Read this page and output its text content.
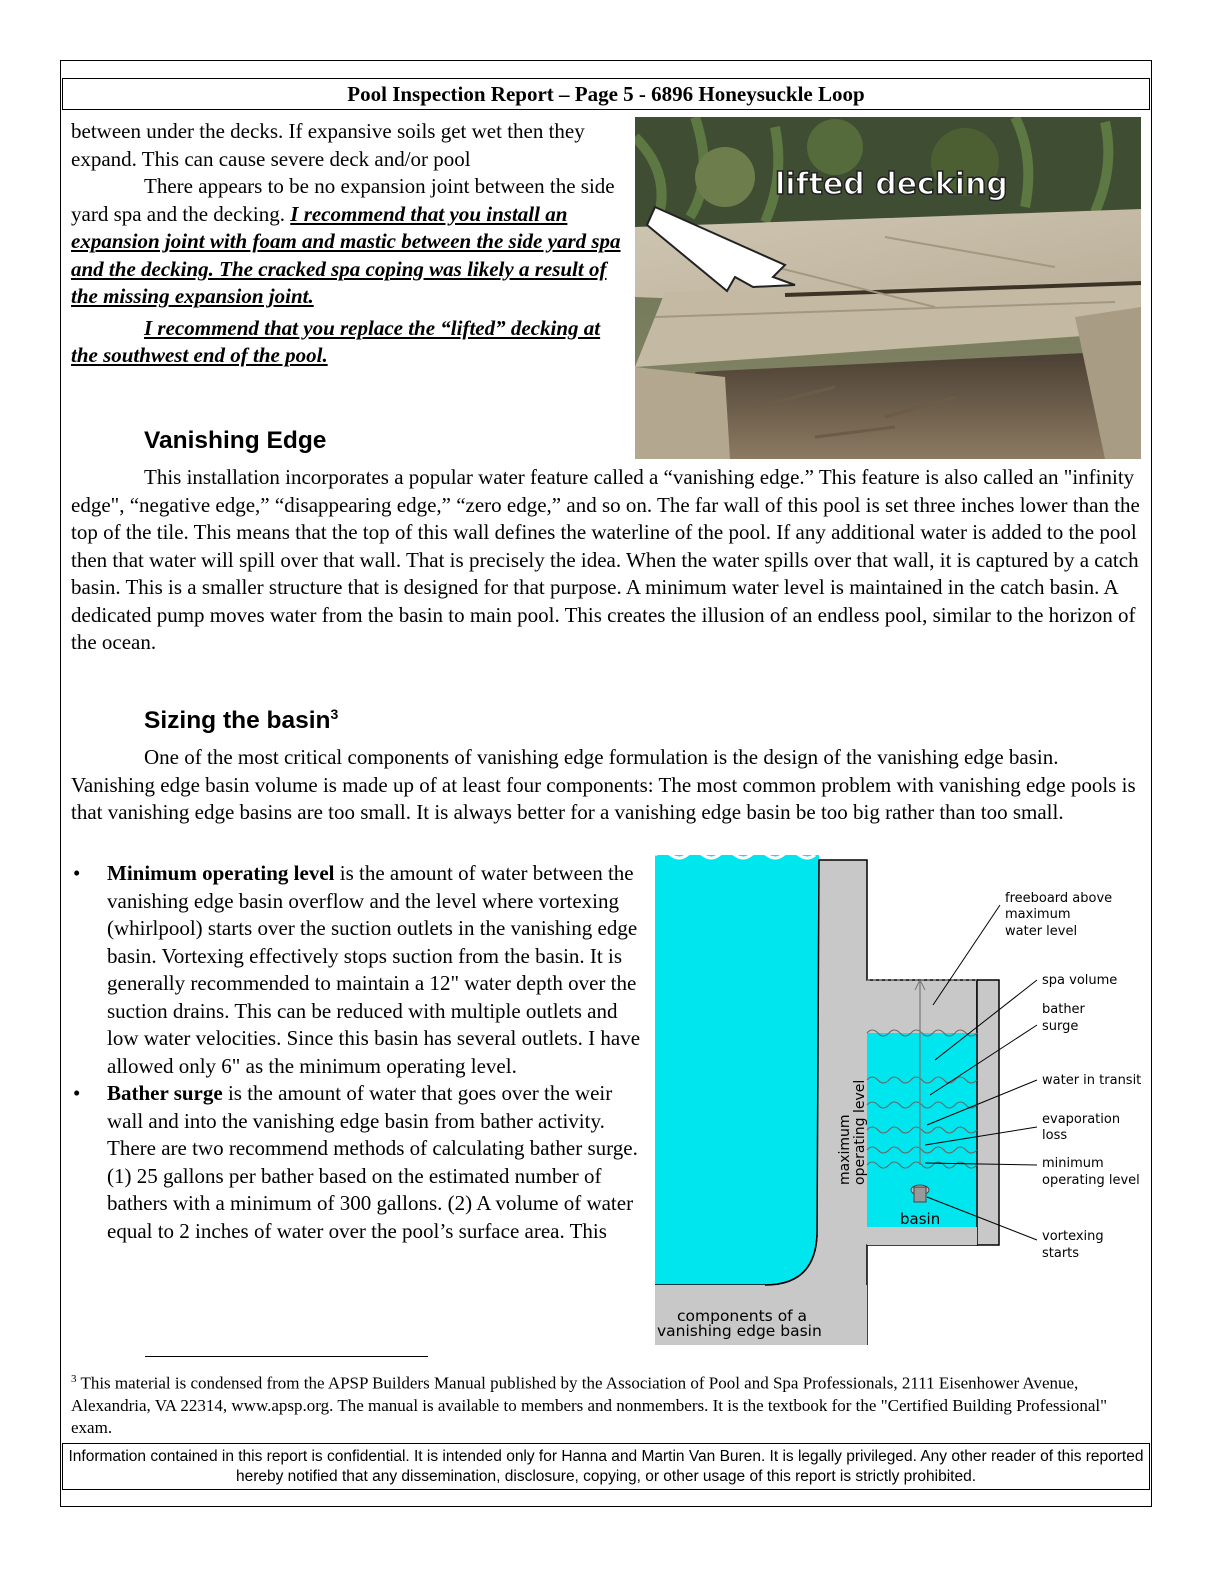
Pool Inspection Report – Page 5 - 6896 Honeysuckle Loop

between under the decks. If expansive soils get wet then they expand. This can cause severe deck and/or pool

There appears to be no expansion joint between the side yard spa and the decking. I recommend that you install an expansion joint with foam and mastic between the side yard spa and the decking. The cracked spa coping was likely a result of the missing expansion joint.

I recommend that you replace the “lifted” decking at the southwest end of the pool.

lifted decking
Vanishing Edge

This installation incorporates a popular water feature called a “vanishing edge.” This feature is also called an "infinity edge", “negative edge,” “disappearing edge,” “zero edge,” and so on. The far wall of this pool is set three inches lower than the top of the tile. This means that the top of this wall defines the waterline of the pool. If any additional water is added to the pool then that water will spill over that wall. That is precisely the idea. When the water spills over that wall, it is captured by a catch basin. This is a smaller structure that is designed for that purpose. A minimum water level is maintained in the catch basin. A dedicated pump moves water from the basin to main pool. This creates the illusion of an endless pool, similar to the horizon of the ocean.

Sizing the basin$^3$

One of the most critical components of vanishing edge formulation is the design of the vanishing edge basin. Vanishing edge basin volume is made up of at least four components: The most common problem with vanishing edge pools is that vanishing edge basins are too small. It is always better for a vanishing edge basin be too big rather than too small.

• Minimum operating level is the amount of water between the vanishing edge basin overflow and the level where vortexing (whirlpool) starts over the suction outlets in the vanishing edge basin. Vortexing effectively stops suction from the basin. It is generally recommended to maintain a 12" water depth over the suction drains. This can be reduced with multiple outlets and low water velocities. Since this basin has several outlets. I have allowed only 6" as the minimum operating level.
• Bather surge is the amount of water that goes over the weir wall and into the vanishing edge basin from bather activity. There are two recommend methods of calculating bather surge. (1) 25 gallons per bather based on the estimated number of bathers with a minimum of 300 gallons. (2) A volume of water equal to 2 inches of water over the pool’s surface area. This
freeboard above
maximum
water level
spa volume
bather
surge
water in transit
evaporation
loss
minimum
operating level
vortexing
starts
basin
maximum operating level
components of a
vanishing edge basin
$^3$ This material is condensed from the APSP Builders Manual published by the Association of Pool and Spa Professionals, 2111 Eisenhower Avenue, Alexandria, VA 22314, www.apsp.org. The manual is available to members and nonmembers. It is the textbook for the "Certified Building Professional" exam.
Information contained in this report is confidential. It is intended only for Hanna and Martin Van Buren. It is legally privileged. Any other reader of this reported hereby notified that any dissemination, disclosure, copying, or other usage of this report is strictly prohibited.
